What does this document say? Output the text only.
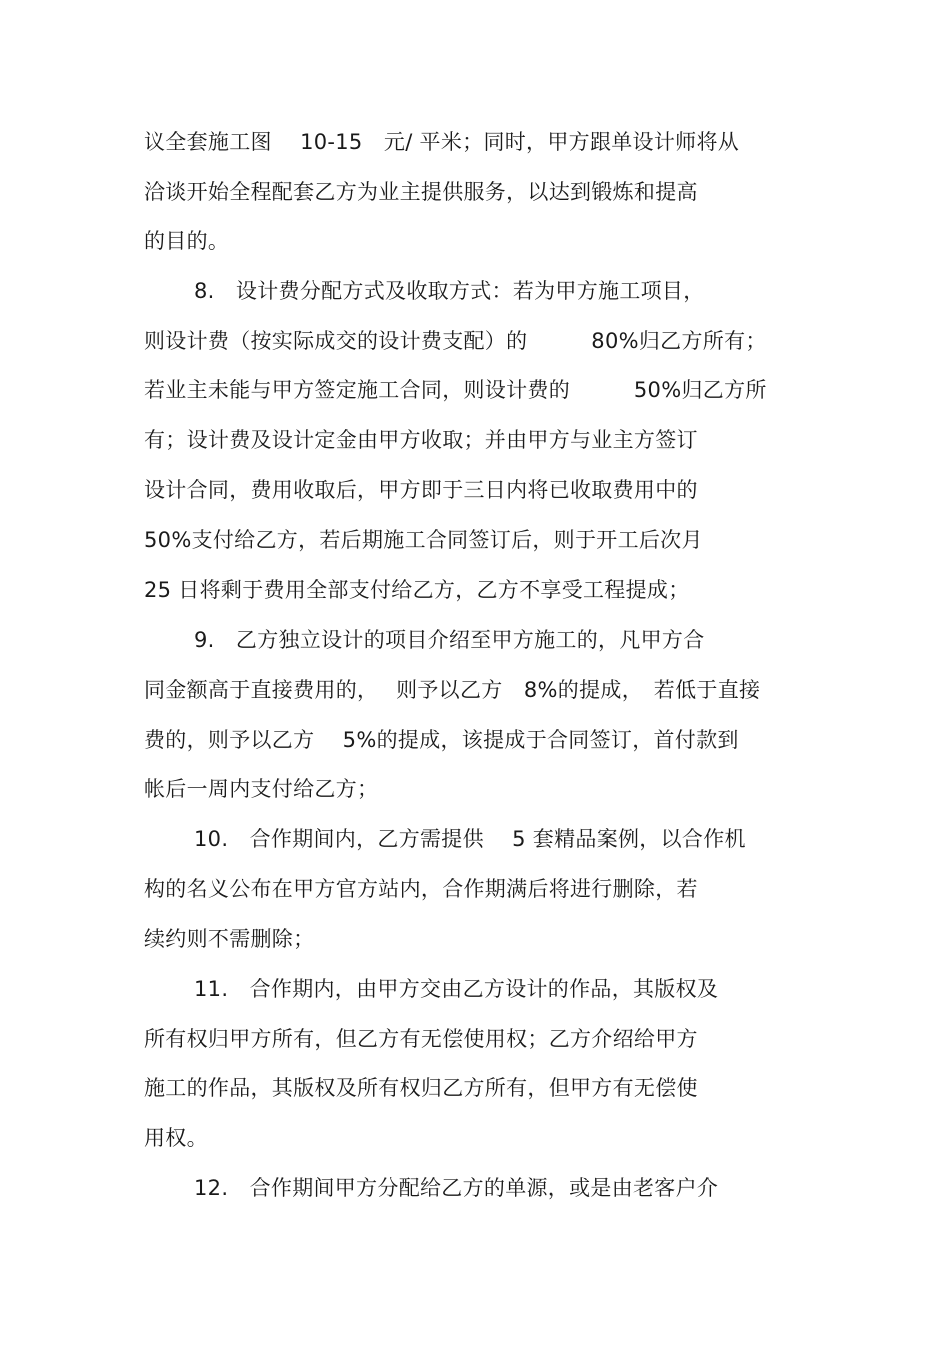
议全套施工图　 10-15　元/ 平米；同时，甲方跟单设计师将从
洽谈开始全程配套乙方为业主提供服务，以达到锻炼和提高
的目的。
8.　设计费分配方式及收取方式：若为甲方施工项目，
则设计费（按实际成交的设计费支配）的　　　80%归乙方所有；
若业主未能与甲方签定施工合同，则设计费的　　　50%归乙方所
有；设计费及设计定金由甲方收取；并由甲方与业主方签订
设计合同，费用收取后，甲方即于三日内将已收取费用中的
50%支付给乙方，若后期施工合同签订后，则于开工后次月
25 日将剩于费用全部支付给乙方，乙方不享受工程提成；
9.　乙方独立设计的项目介绍至甲方施工的，凡甲方合
同金额高于直接费用的，　 则予以乙方　8%的提成，　若低于直接
费的，则予以乙方　 5%的提成，该提成于合同签订，首付款到
帐后一周内支付给乙方；
10.　合作期间内，乙方需提供　 5 套精品案例，以合作机
构的名义公布在甲方官方站内，合作期满后将进行删除，若
续约则不需删除；
11.　合作期内，由甲方交由乙方设计的作品，其版权及
所有权归甲方所有，但乙方有无偿使用权；乙方介绍给甲方
施工的作品，其版权及所有权归乙方所有，但甲方有无偿使
用权。
12.　合作期间甲方分配给乙方的单源，或是由老客户介
